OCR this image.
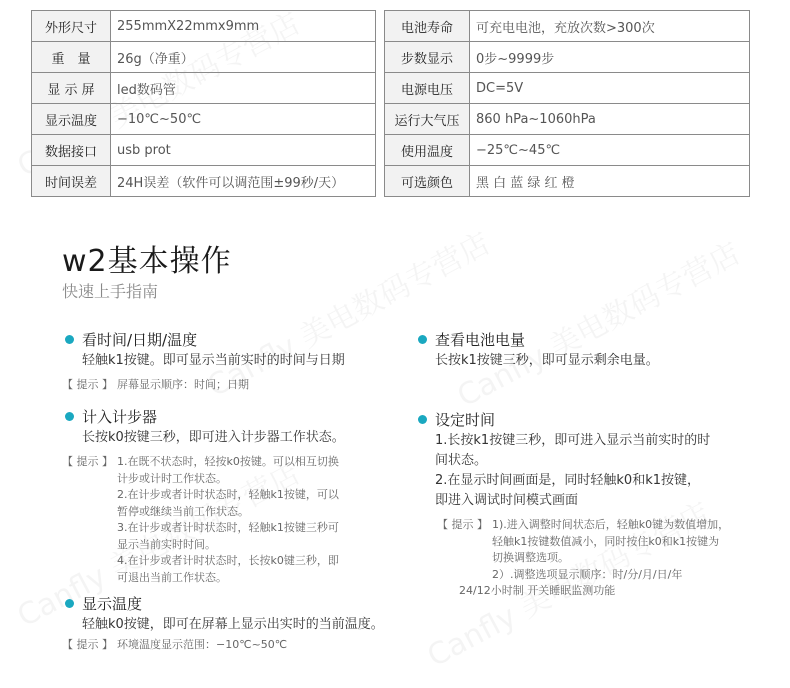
外形尺寸	255mmX22mmx9mm
重　量	26g（净重）
显 示 屏	led数码管
显示温度	−10℃~50℃
数据接口	usb prot
时间误差	24H误差（软件可以调范围±99秒/天）
电池寿命	可充电电池，充放次数>300次
步数显示	0步~9999步
电源电压	DC=5V
运行大气压	860 hPa~1060hPa
使用温度	−25℃~45℃
可选颜色	黑 白 蓝 绿 红 橙
w2基本操作
快速上手指南
看时间/日期/温度
轻触k1按键。即可显示当前实时的时间与日期
【 提示 】 屏幕显示顺序：时间；日期
查看电池电量
长按k1按键三秒，即可显示剩余电量。
计入计步器
长按k0按键三秒，即可进入计步器工作状态。
【 提示 】 1.在既不状态时，轻按k0按键。可以相互切换
计步或计时工作状态。
2.在计步或者计时状态时，轻触k1按键，可以
暂停或继续当前工作状态。
3.在计步或者计时状态时，轻触k1按键三秒可
显示当前实时时间。
4.在计步或者计时状态时，长按k0键三秒，即
可退出当前工作状态。
设定时间
1.长按k1按键三秒，即可进入显示当前实时的时
间状态。
2.在显示时间画面是，同时轻触k0和k1按键，
即进入调试时间模式画面
【 提示 】 1).进入调整时间状态后，轻触k0键为数值增加，
轻触k1按键数值减小，同时按住k0和k1按键为
切换调整选项。
2）.调整选项显示顺序：时/分/月/日/年
24/12小时制 开关睡眠监测功能
显示温度
轻触k0按键，即可在屏幕上显示出实时的当前温度。
【 提示 】 环境温度显示范围：−10℃~50℃
